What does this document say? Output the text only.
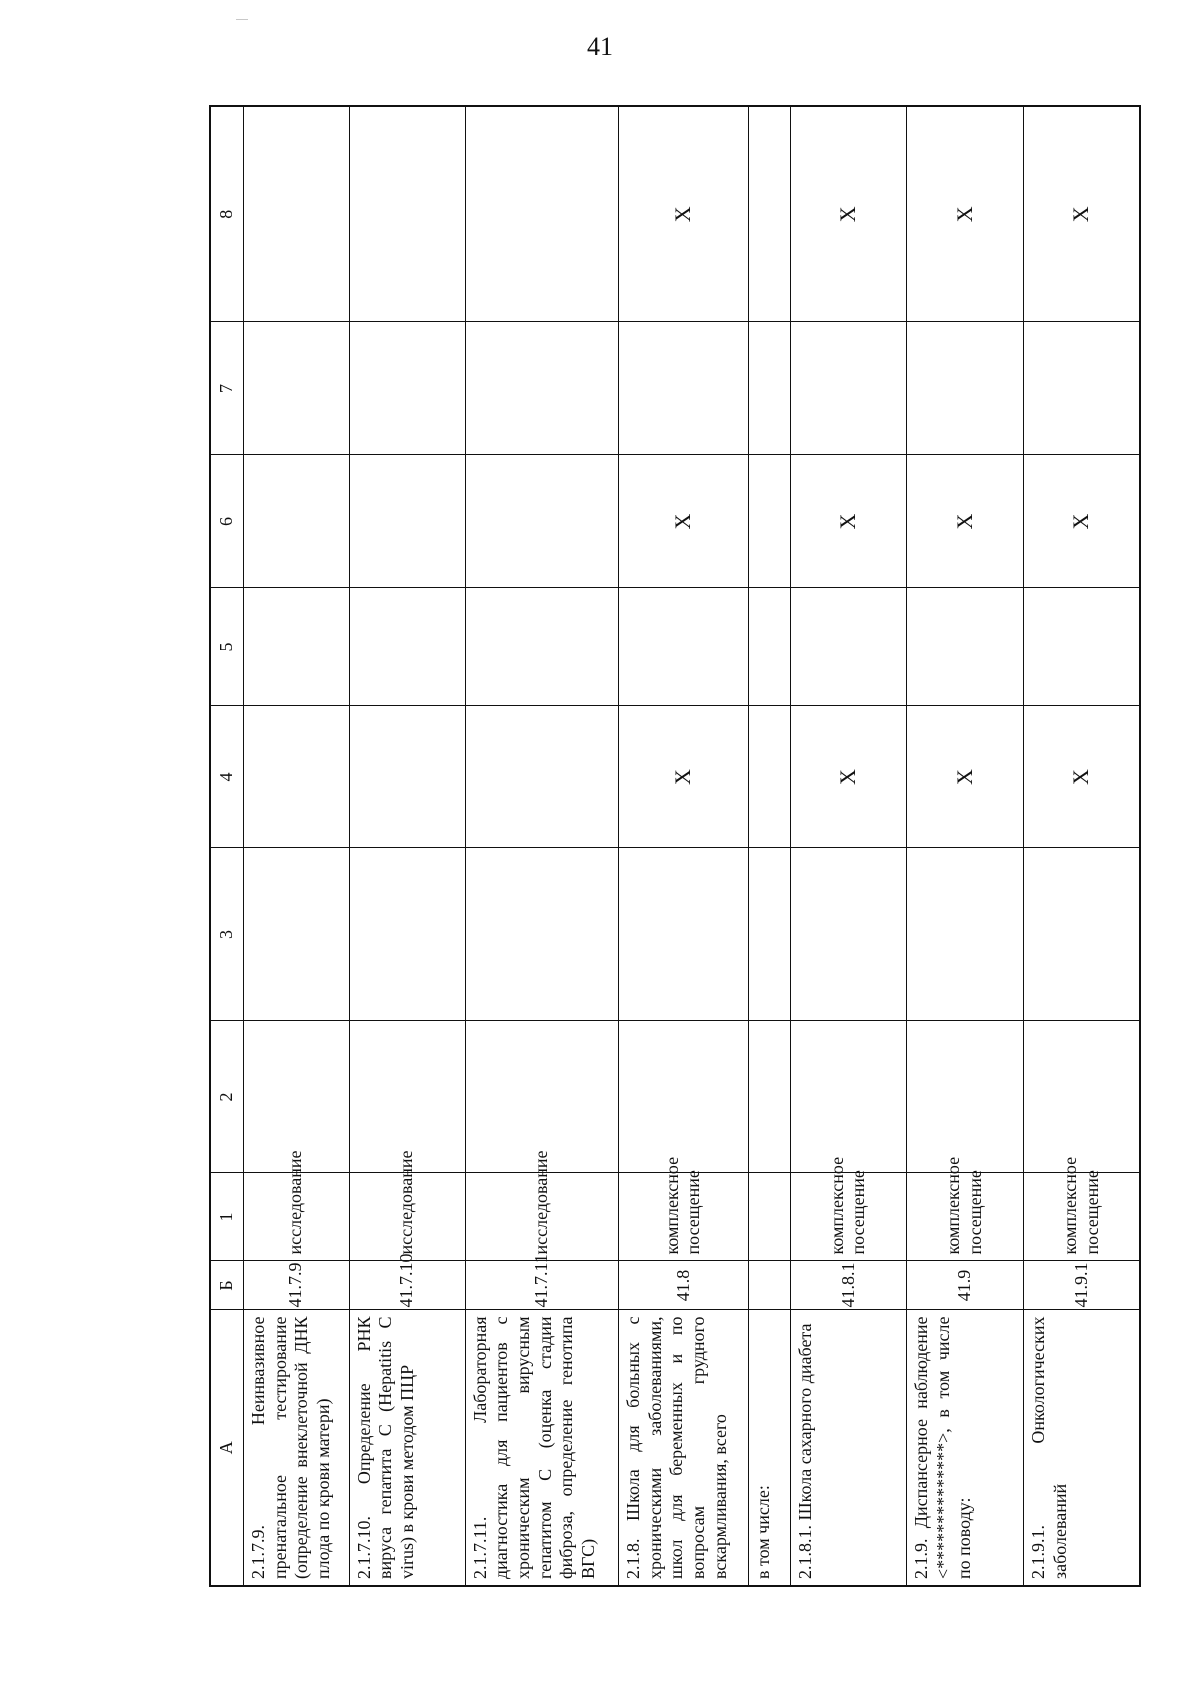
41
А	Б	1	2	3	4	5	6	7	8
2.1.7.9. Неинвазивное пренатальное тестирование (определение внеклеточной ДНК плода по крови матери)	41.7.9	исследование							
2.1.7.10. Определение РНК вируса гепатита С (Hepatitis C virus) в крови методом ПЦР	41.7.10	исследование							
2.1.7.11. Лабораторная диагностика для пациентов с хроническим вирусным гепатитом С (оценка стадии фиброза, определение генотипа ВГС)	41.7.11	исследование							
2.1.8. Школа для больных с хроническими заболеваниями, школ для беременных и по вопросам грудного вскармливания, всего	41.8	комплексное посещение			Х		Х		Х
в том числе:									
2.1.8.1. Школа сахарного диабета	41.8.1	комплексное посещение			Х		Х		Х
2.1.9. Диспансерное наблюдение <**************>, в том числе по поводу:	41.9	комплексное посещение			Х		Х		Х
2.1.9.1. Онкологических заболеваний	41.9.1	комплексное посещение			Х		Х		Х
